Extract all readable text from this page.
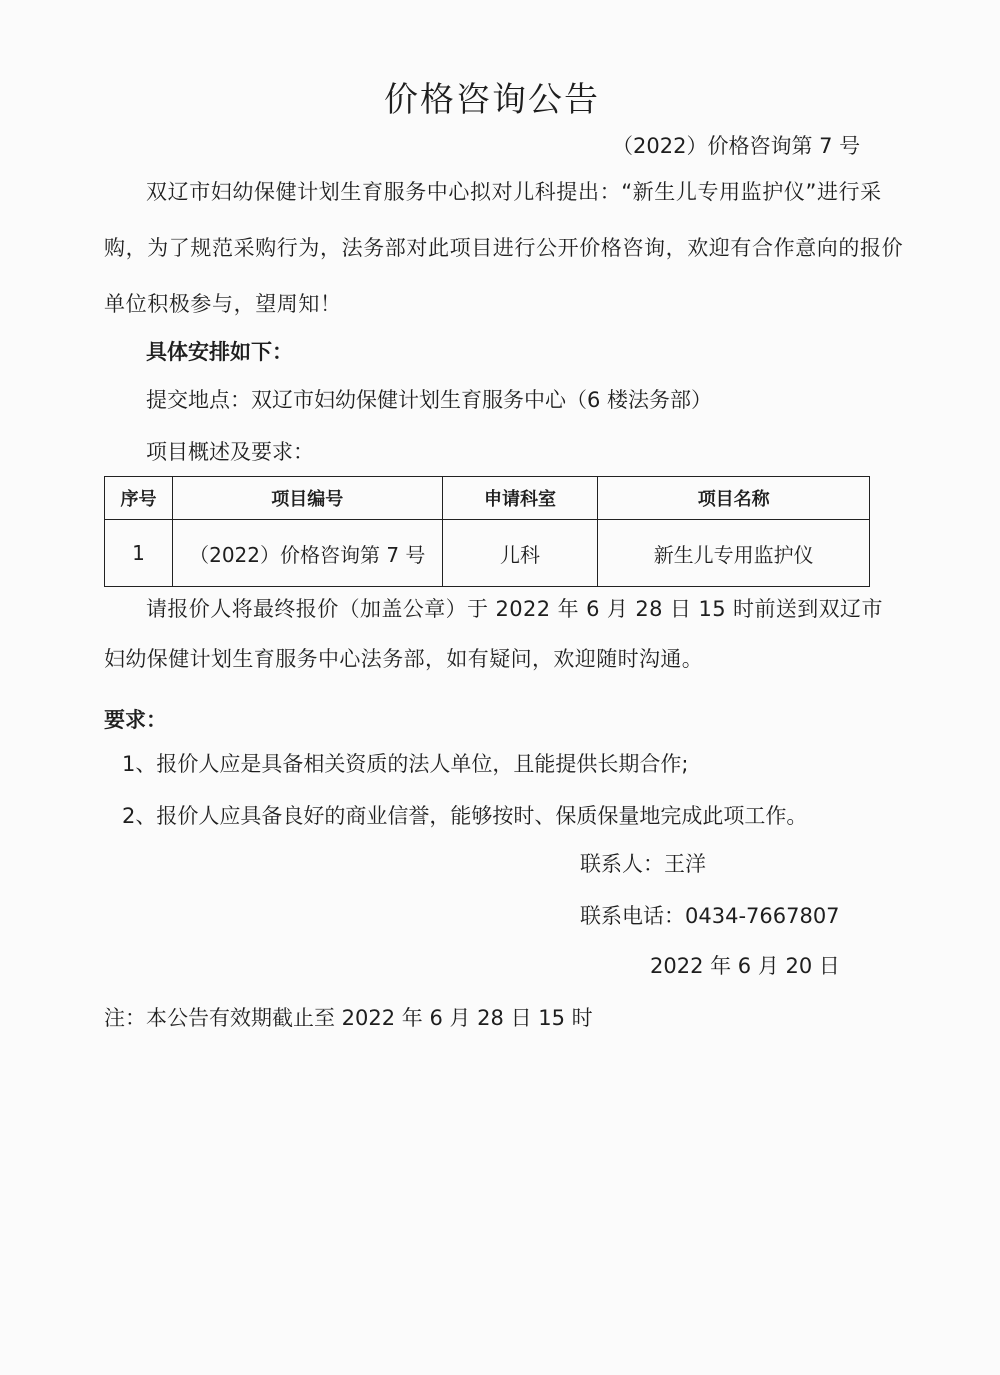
价格咨询公告
（2022）价格咨询第 7 号
双辽市妇幼保健计划生育服务中心拟对儿科提出：“新生儿专用监护仪”进行采购，为了规范采购行为，法务部对此项目进行公开价格咨询，欢迎有合作意向的报价单位积极参与，望周知！
具体安排如下：
提交地点：双辽市妇幼保健计划生育服务中心（6 楼法务部）
项目概述及要求：
序号	项目编号	申请科室	项目名称
1	（2022）价格咨询第 7 号	儿科	新生儿专用监护仪
请报价人将最终报价（加盖公章）于 2022 年 6 月 28 日 15 时前送到双辽市妇幼保健计划生育服务中心法务部，如有疑问，欢迎随时沟通。
要求：
1、报价人应是具备相关资质的法人单位，且能提供长期合作;
2、报价人应具备良好的商业信誉，能够按时、保质保量地完成此项工作。
联系人：王洋
联系电话：0434-7667807
2022 年 6 月 20 日
注：本公告有效期截止至 2022 年 6 月 28 日 15 时
